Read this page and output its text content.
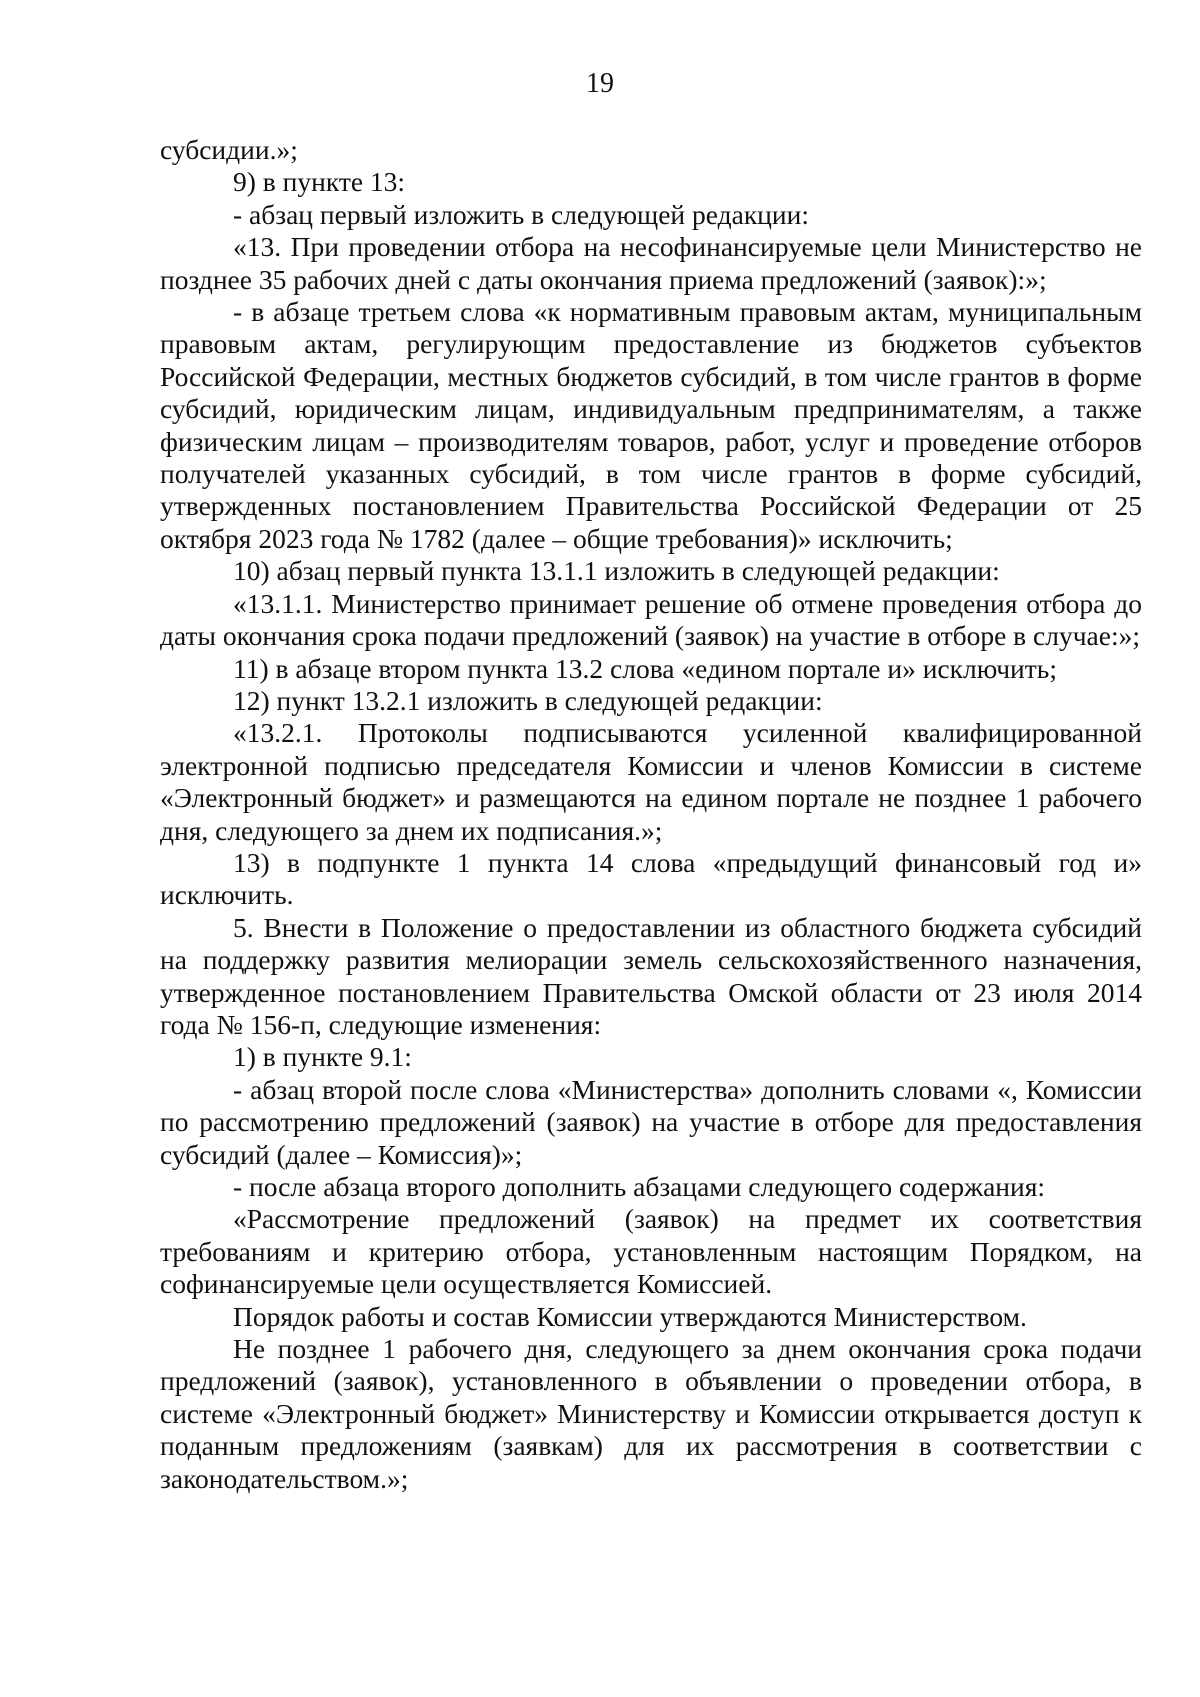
19

субсидии.»;

9) в пункте 13:

- абзац первый изложить в следующей редакции:

«13. При проведении отбора на несофинансируемые цели Министерство не позднее 35 рабочих дней с даты окончания приема предложений (заявок):»;

- в абзаце третьем слова «к нормативным правовым актам, муниципальным правовым актам, регулирующим предоставление из бюджетов субъектов Российской Федерации, местных бюджетов субсидий, в том числе грантов в форме субсидий, юридическим лицам, индивидуальным предпринимателям, а также физическим лицам – производителям товаров, работ, услуг и проведение отборов получателей указанных субсидий, в том числе грантов в форме субсидий, утвержденных постановлением Правительства Российской Федерации от 25 октября 2023 года № 1782 (далее – общие требования)» исключить;

10) абзац первый пункта 13.1.1 изложить в следующей редакции:

«13.1.1. Министерство принимает решение об отмене проведения отбора до даты окончания срока подачи предложений (заявок) на участие в отборе в случае:»;

11) в абзаце втором пункта 13.2 слова «едином портале и» исключить;

12) пункт 13.2.1 изложить в следующей редакции:

«13.2.1. Протоколы подписываются усиленной квалифицированной электронной подписью председателя Комиссии и членов Комиссии в системе «Электронный бюджет» и размещаются на едином портале не позднее 1 рабочего дня, следующего за днем их подписания.»;

13) в подпункте 1 пункта 14 слова «предыдущий финансовый год и» исключить.

5. Внести в Положение о предоставлении из областного бюджета субсидий на поддержку развития мелиорации земель сельскохозяйственного назначения, утвержденное постановлением Правительства Омской области от 23 июля 2014 года № 156-п, следующие изменения:

1) в пункте 9.1:

- абзац второй после слова «Министерства» дополнить словами «, Комиссии по рассмотрению предложений (заявок) на участие в отборе для предоставления субсидий (далее – Комиссия)»;

- после абзаца второго дополнить абзацами следующего содержания:

«Рассмотрение предложений (заявок) на предмет их соответствия требованиям и критерию отбора, установленным настоящим Порядком, на софинансируемые цели осуществляется Комиссией.

Порядок работы и состав Комиссии утверждаются Министерством.

Не позднее 1 рабочего дня, следующего за днем окончания срока подачи предложений (заявок), установленного в объявлении о проведении отбора, в системе «Электронный бюджет» Министерству и Комиссии открывается доступ к поданным предложениям (заявкам) для их рассмотрения в соответствии с законодательством.»;
